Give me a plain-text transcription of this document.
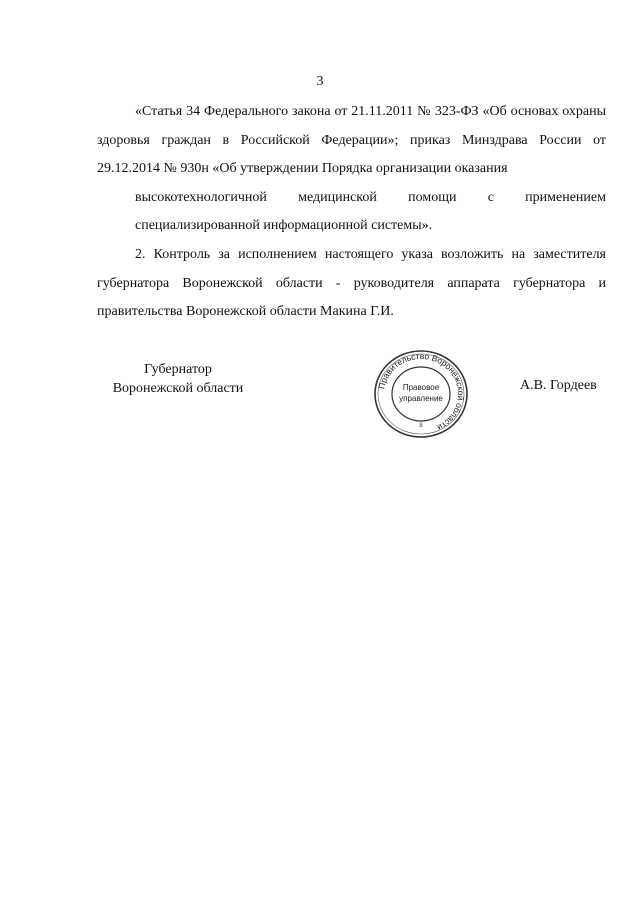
3

«Статья 34 Федерального закона от 21.11.2011 № 323-ФЗ «Об основах охраны здоровья граждан в Российской Федерации»; приказ Минздрава России от 29.12.2014 № 930н «Об утверждении Порядка организации оказания
высокотехнологичной медицинской помощи с применением
специализированной информационной системы».

2. Контроль за исполнением настоящего указа возложить на заместителя губернатора Воронежской области - руководителя аппарата губернатора и правительства Воронежской области Макина Г.И.

Губернатор
Воронежской области	Правительство Воронежской области
8
Правовое
управление
А.В. Гордеев
